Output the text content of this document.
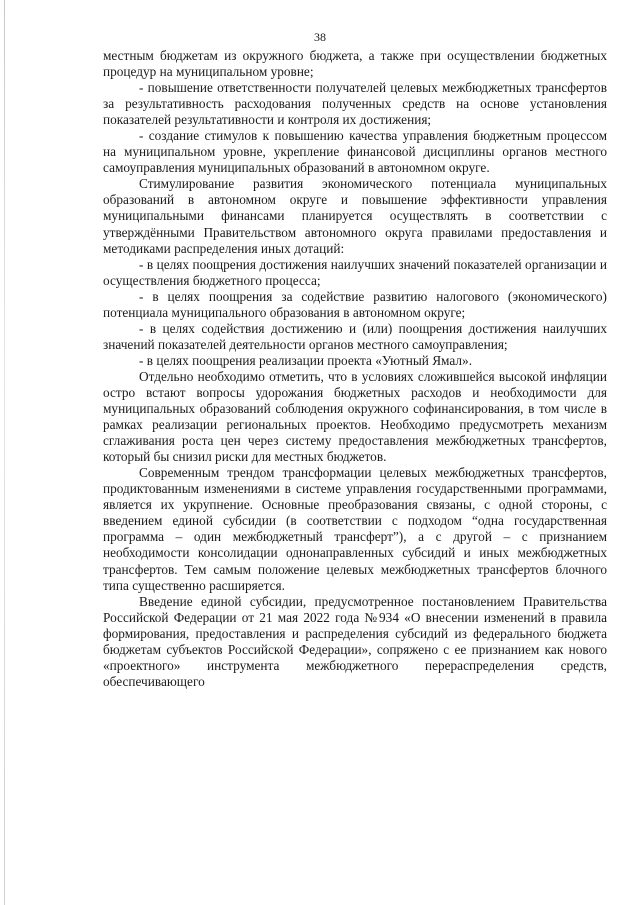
38

местным бюджетам из окружного бюджета, а также при осуществлении бюджетных процедур на муниципальном уровне;

- повышение ответственности получателей целевых межбюджетных трансфертов за результативность расходования полученных средств на основе установления показателей результативности и контроля их достижения;

- создание стимулов к повышению качества управления бюджетным процессом на муниципальном уровне, укрепление финансовой дисциплины органов местного самоуправления муниципальных образований в автономном округе.

Стимулирование развития экономического потенциала муниципальных образований в автономном округе и повышение эффективности управления муниципальными финансами планируется осуществлять в соответствии с утверждёнными Правительством автономного округа правилами предоставления и методиками распределения иных дотаций:

- в целях поощрения достижения наилучших значений показателей организации и осуществления бюджетного процесса;

- в целях поощрения за содействие развитию налогового (экономического) потенциала муниципального образования в автономном округе;

- в целях содействия достижению и (или) поощрения достижения наилучших значений показателей деятельности органов местного самоуправления;

- в целях поощрения реализации проекта «Уютный Ямал».

Отдельно необходимо отметить, что в условиях сложившейся высокой инфляции остро встают вопросы удорожания бюджетных расходов и необходимости для муниципальных образований соблюдения окружного софинансирования, в том числе в рамках реализации региональных проектов. Необходимо предусмотреть механизм сглаживания роста цен через систему предоставления межбюджетных трансфертов, который бы снизил риски для местных бюджетов.

Современным трендом трансформации целевых межбюджетных трансфертов, продиктованным изменениями в системе управления государственными программами, является их укрупнение. Основные преобразования связаны, с одной стороны, с введением единой субсидии (в соответствии с подходом “одна государственная программа – один межбюджетный трансферт”), а с другой – с признанием необходимости консолидации однонаправленных субсидий и иных межбюджетных трансфертов. Тем самым положение целевых межбюджетных трансфертов блочного типа существенно расширяется.

Введение единой субсидии, предусмотренное постановлением Правительства Российской Федерации от 21 мая 2022 года №934 «О внесении изменений в правила формирования, предоставления и распределения субсидий из федерального бюджета бюджетам субъектов Российской Федерации», сопряжено с ее признанием как нового «проектного» инструмента межбюджетного перераспределения средств, обеспечивающего
